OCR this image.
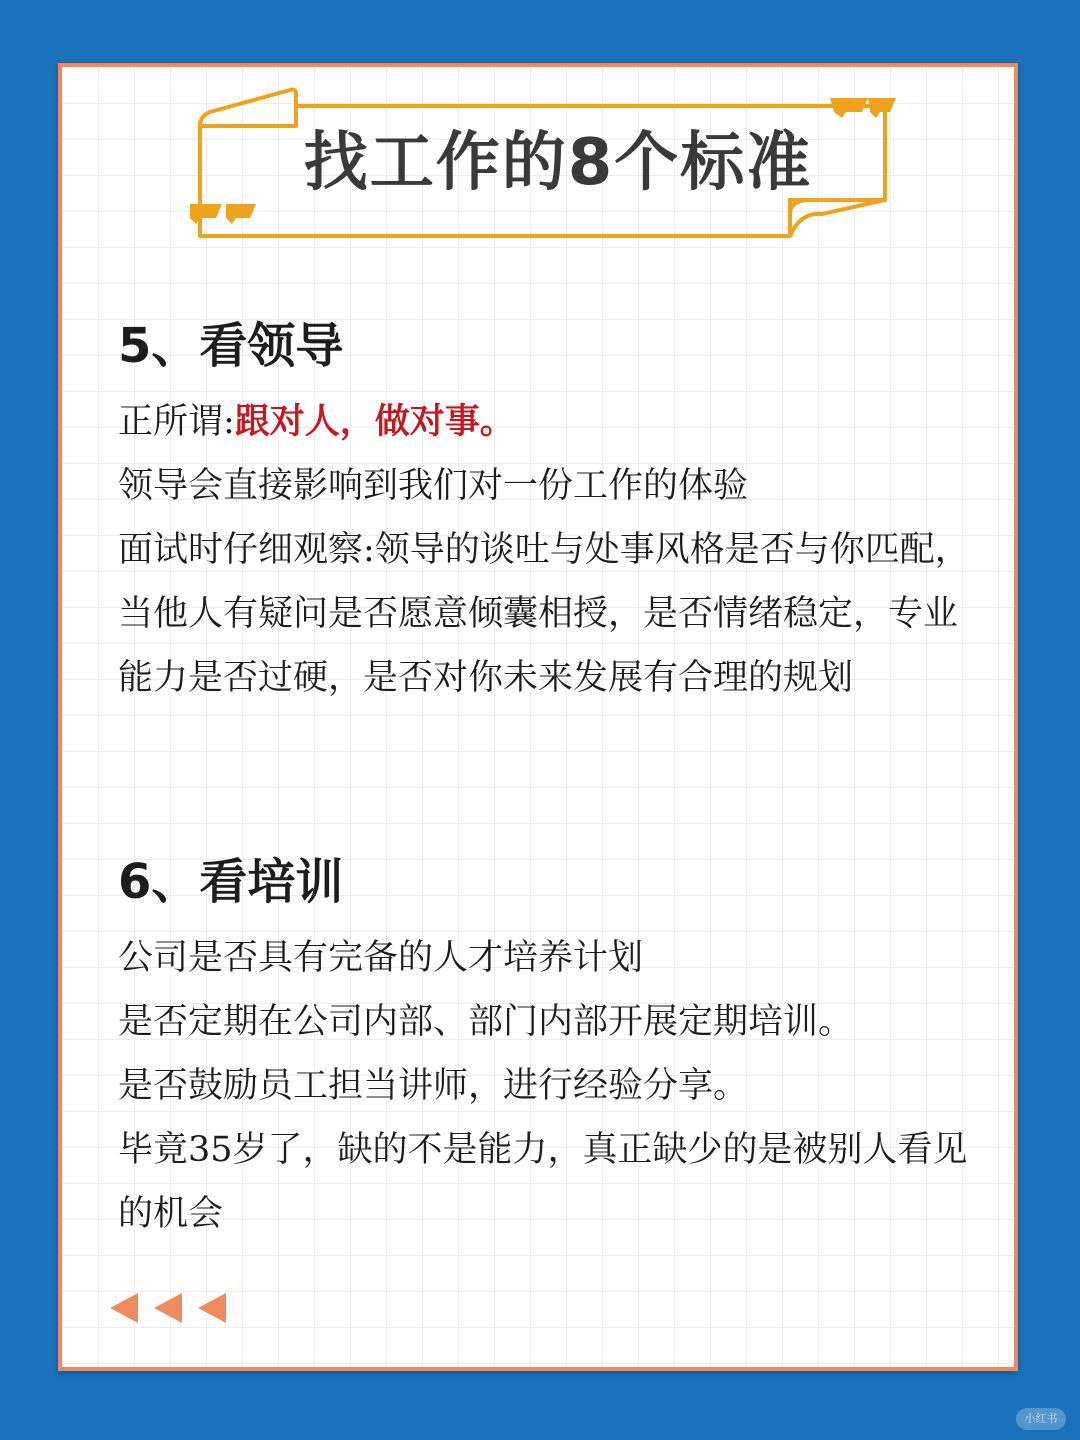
找工作的8个标准
5、看领导

正所谓:跟对人，做对事。

领导会直接影响到我们对一份工作的体验

面试时仔细观察:领导的谈吐与处事风格是否与你匹配，当他人有疑问是否愿意倾囊相授，是否情绪稳定，专业能力是否过硬，是否对你未来发展有合理的规划

6、看培训

公司是否具有完备的人才培养计划

是否定期在公司内部、部门内部开展定期培训。

是否鼓励员工担当讲师，进行经验分享。

毕竟35岁了，缺的不是能力，真正缺少的是被别人看见的机会

小红书
